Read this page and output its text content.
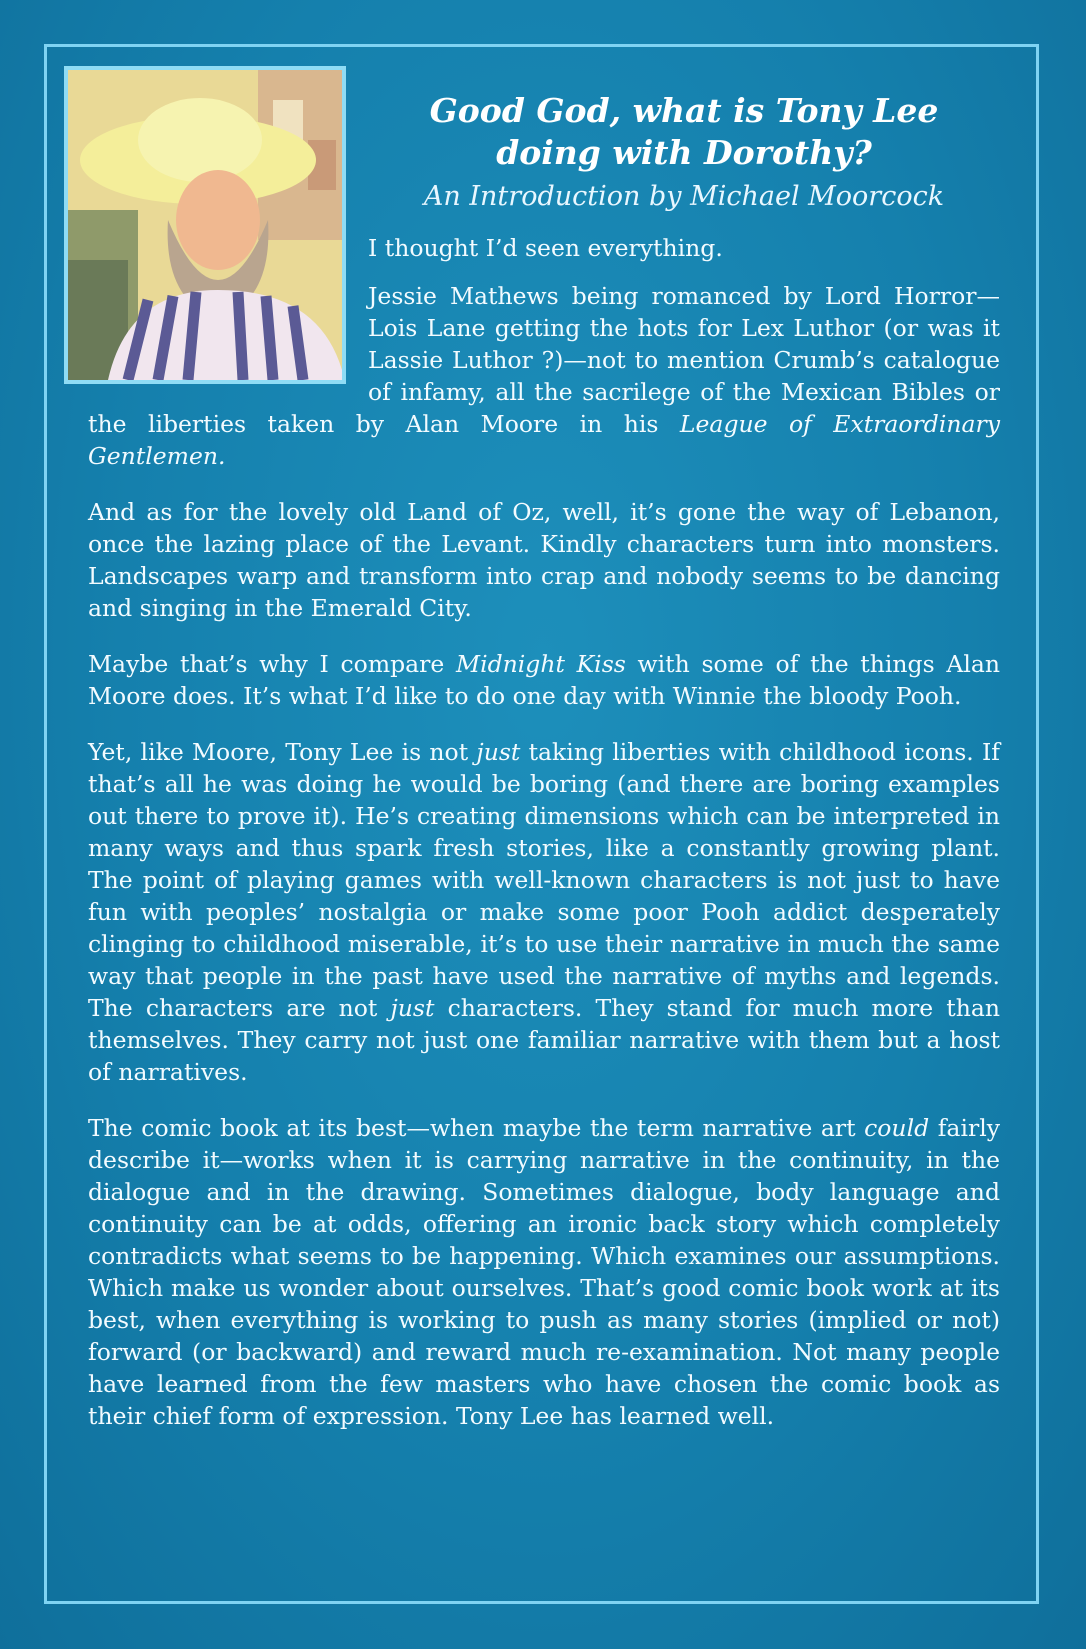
Good God, what is Tony Lee
doing with Dorothy?
An Introduction by Michael Moorcock

I thought I’d seen everything.

Jessie Mathews being romanced by Lord Horror—Lois Lane getting the hots for Lex Luthor (or was it Lassie Luthor ?)—not to mention Crumb’s catalogue of infamy, all the sacrilege of the Mexican Bibles or the liberties taken by Alan Moore in his League of Extraordinary Gentlemen.

And as for the lovely old Land of Oz, well, it’s gone the way of Lebanon, once the lazing place of the Levant. Kindly characters turn into monsters. Landscapes warp and transform into crap and nobody seems to be dancing and singing in the Emerald City.

Maybe that’s why I compare Midnight Kiss with some of the things Alan Moore does. It’s what I’d like to do one day with Winnie the bloody Pooh.

Yet, like Moore, Tony Lee is not just taking liberties with childhood icons. If that’s all he was doing he would be boring (and there are boring examples out there to prove it). He’s creating dimensions which can be interpreted in many ways and thus spark fresh stories, like a constantly growing plant. The point of playing games with well-known characters is not just to have fun with peoples’ nostalgia or make some poor Pooh addict desperately clinging to childhood miserable, it’s to use their narrative in much the same way that people in the past have used the narrative of myths and legends. The characters are not just characters. They stand for much more than themselves. They carry not just one familiar narrative with them but a host of narratives.

The comic book at its best—when maybe the term narrative art could fairly describe it—works when it is carrying narrative in the continuity, in the dialogue and in the drawing. Sometimes dialogue, body language and continuity can be at odds, offering an ironic back story which completely contradicts what seems to be happening. Which examines our assumptions. Which make us wonder about ourselves. That’s good comic book work at its best, when everything is working to push as many stories (implied or not) forward (or backward) and reward much re-examination. Not many people have learned from the few masters who have chosen the comic book as their chief form of expression. Tony Lee has learned well.
